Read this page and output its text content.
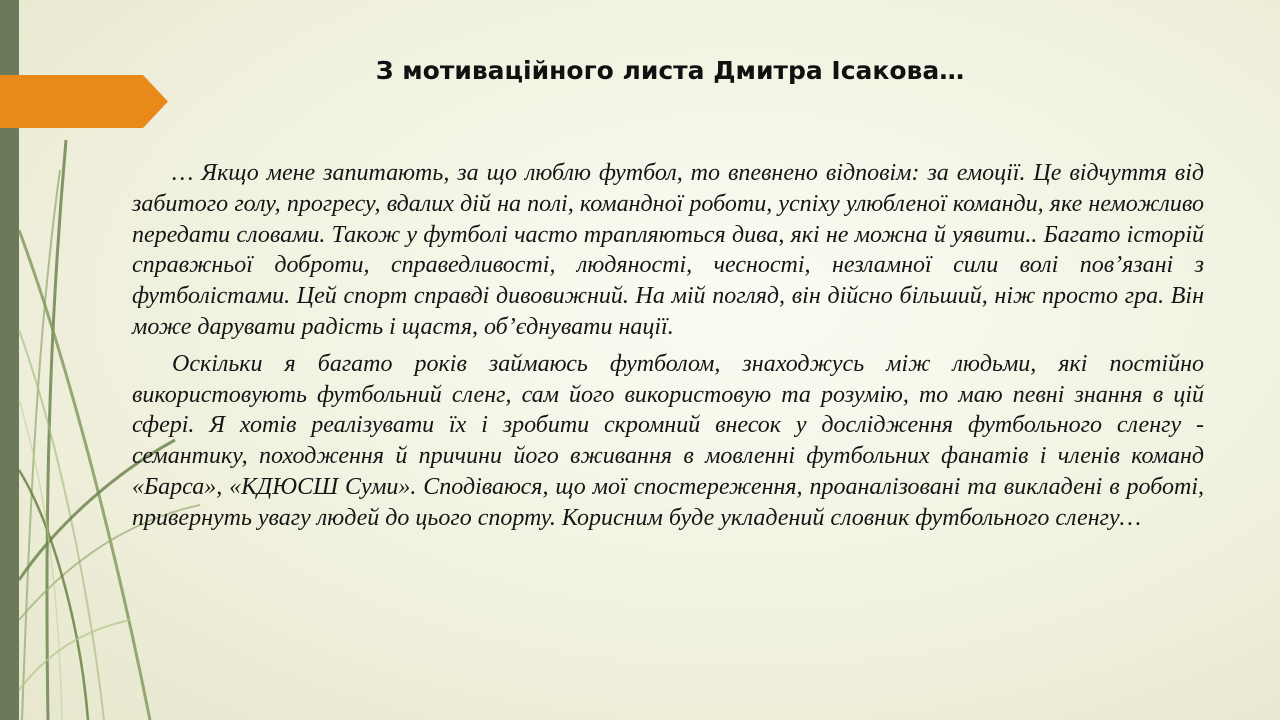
З мотиваційного листа Дмитра Ісакова…

… Якщо мене запитають, за що люблю футбол, то впевнено відповім: за емоції. Це відчуття від забитого голу, прогресу, вдалих дій на полі, командної роботи, успіху улюбленої команди, яке неможливо передати словами. Також у футболі часто трапляються дива, які не можна й уявити.. Багато історій справжньої доброти, справедливості, людяності, чесності, незламної сили волі пов’язані з футболістами. Цей спорт справді дивовижний. На мій погляд, він дійсно більший, ніж просто гра. Він може дарувати радість і щастя, об’єднувати нації.

Оскільки я багато років займаюсь футболом, знаходжусь між людьми, які постійно використовують футбольний сленг, сам його використовую та розумію, то маю певні знання в цій сфері. Я хотів реалізувати їх і зробити скромний внесок у дослідження футбольного сленгу - семантику, походження й причини його вживання в мовленні футбольних фанатів і членів команд «Барса», «КДЮСШ Суми». Сподіваюся, що мої спостереження, проаналізовані та викладені в роботі, привернуть увагу людей до цього спорту. Корисним буде укладений словник футбольного сленгу…
